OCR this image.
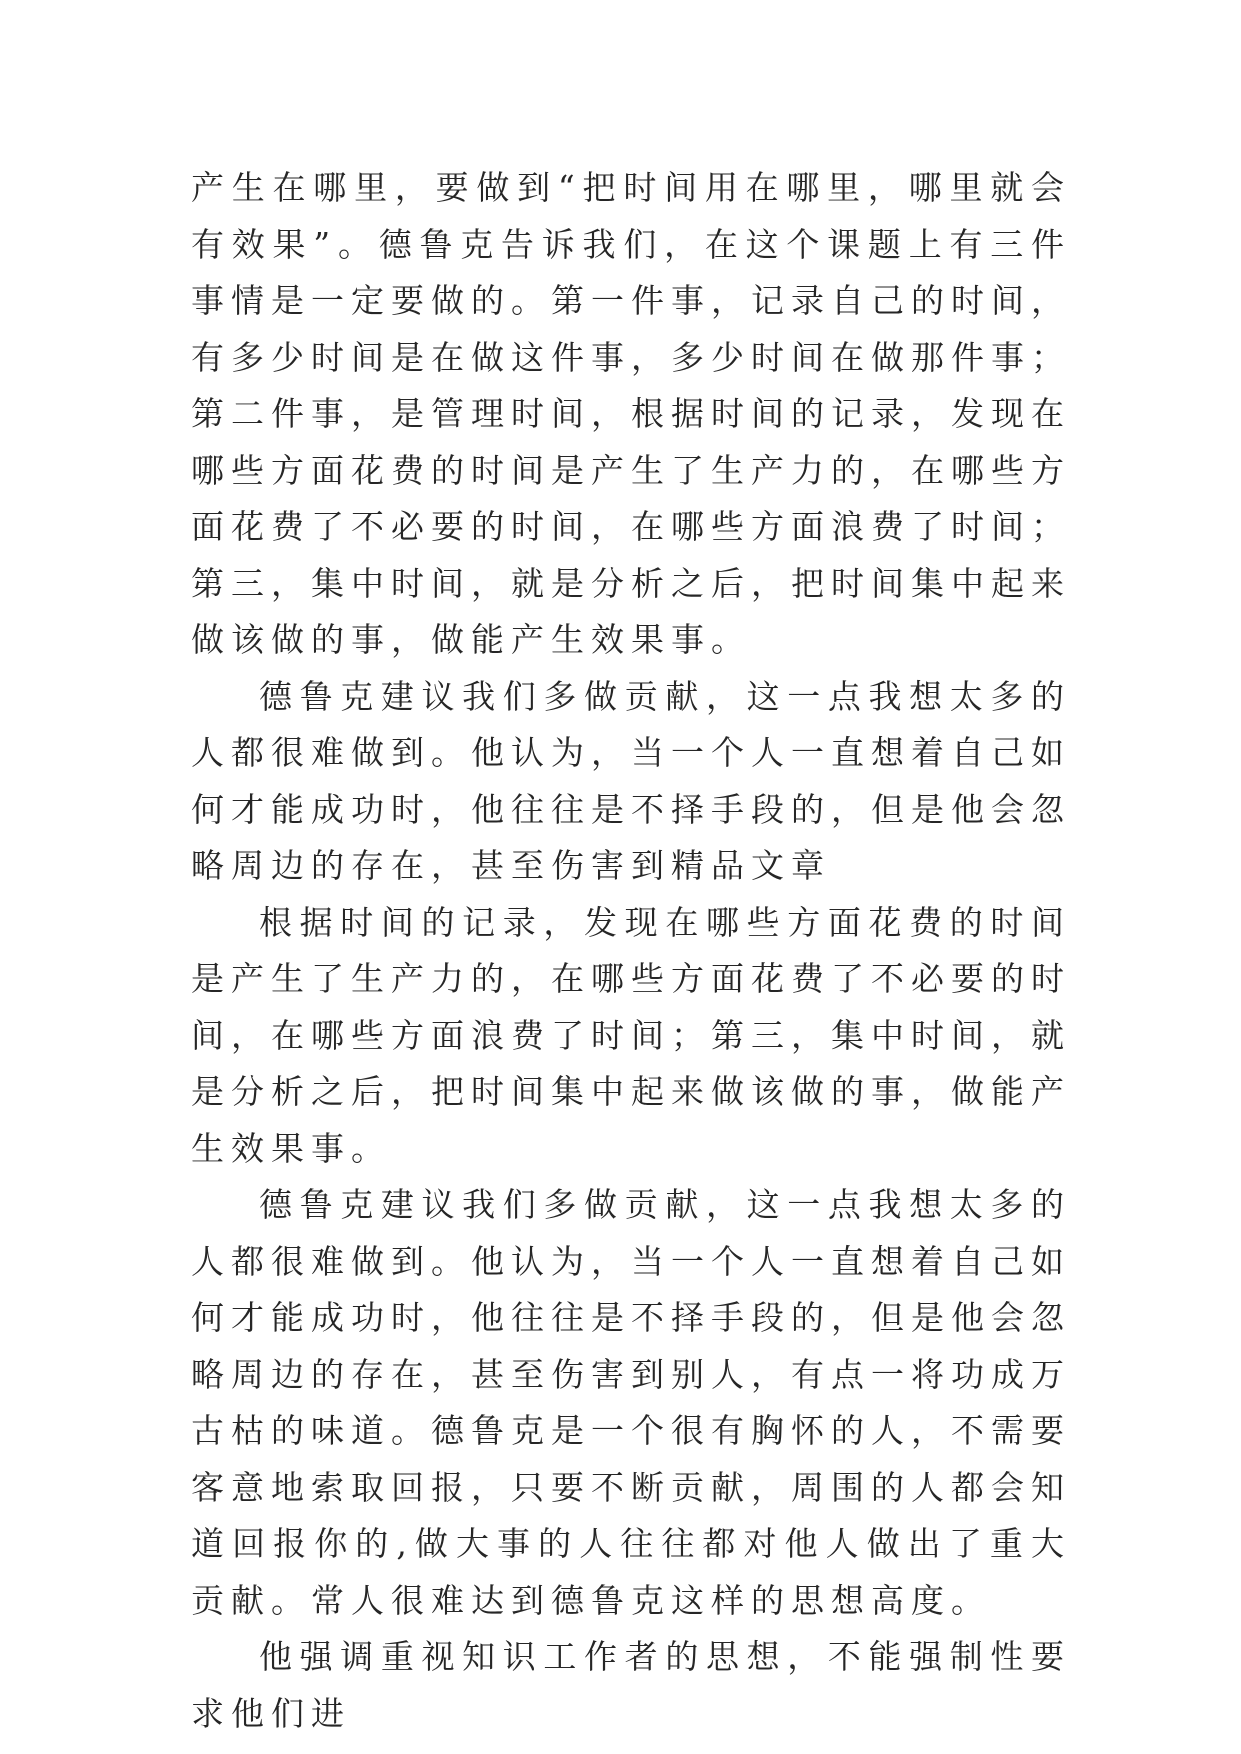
产生在哪里，要做到“把时间用在哪里，哪里就会有效果”。德鲁克告诉我们，在这个课题上有三件事情是一定要做的。第一件事，记录自己的时间，有多少时间是在做这件事，多少时间在做那件事；第二件事，是管理时间，根据时间的记录，发现在哪些方面花费的时间是产生了生产力的，在哪些方面花费了不必要的时间，在哪些方面浪费了时间；第三，集中时间，就是分析之后，把时间集中起来做该做的事，做能产生效果事。

德鲁克建议我们多做贡献，这一点我想太多的人都很难做到。他认为，当一个人一直想着自己如何才能成功时，他往往是不择手段的，但是他会忽略周边的存在，甚至伤害到精品文章

根据时间的记录，发现在哪些方面花费的时间是产生了生产力的，在哪些方面花费了不必要的时间，在哪些方面浪费了时间；第三，集中时间，就是分析之后，把时间集中起来做该做的事，做能产生效果事。

德鲁克建议我们多做贡献，这一点我想太多的人都很难做到。他认为，当一个人一直想着自己如何才能成功时，他往往是不择手段的，但是他会忽略周边的存在，甚至伤害到别人，有点一将功成万古枯的味道。德鲁克是一个很有胸怀的人，不需要客意地索取回报，只要不断贡献，周围的人都会知道回报你的,做大事的人往往都对他人做出了重大贡献。常人很难达到德鲁克这样的思想高度。

他强调重视知识工作者的思想，不能强制性要求他们进
